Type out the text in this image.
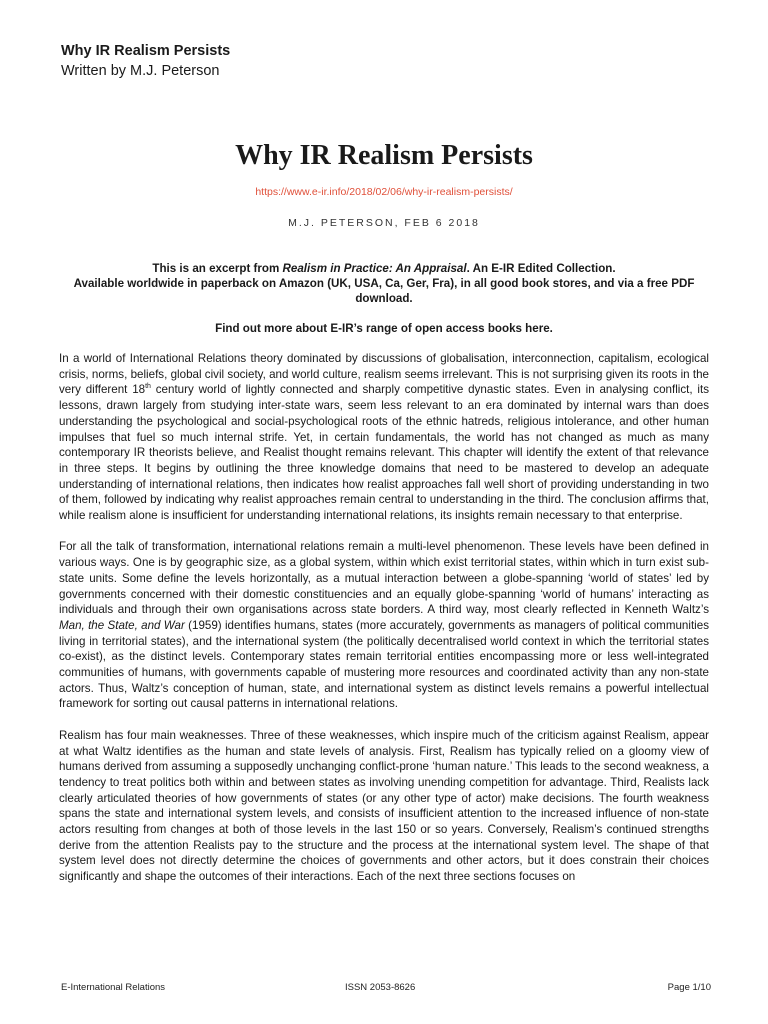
Why IR Realism Persists

Written by M.J. Peterson

Why IR Realism Persists
https://www.e-ir.info/2018/02/06/why-ir-realism-persists/
M.J. PETERSON, FEB 6 2018

This is an excerpt from Realism in Practice: An Appraisal. An E-IR Edited Collection.
Available worldwide in paperback on Amazon (UK, USA, Ca, Ger, Fra), in all good book stores, and via a free PDF download.

Find out more about E-IR’s range of open access books here.

In a world of International Relations theory dominated by discussions of globalisation, interconnection, capitalism, ecological crisis, norms, beliefs, global civil society, and world culture, realism seems irrelevant. This is not surprising given its roots in the very different 18th century world of lightly connected and sharply competitive dynastic states. Even in analysing conflict, its lessons, drawn largely from studying inter-state wars, seem less relevant to an era dominated by internal wars than does understanding the psychological and social-psychological roots of the ethnic hatreds, religious intolerance, and other human impulses that fuel so much internal strife. Yet, in certain fundamentals, the world has not changed as much as many contemporary IR theorists believe, and Realist thought remains relevant. This chapter will identify the extent of that relevance in three steps. It begins by outlining the three knowledge domains that need to be mastered to develop an adequate understanding of international relations, then indicates how realist approaches fall well short of providing understanding in two of them, followed by indicating why realist approaches remain central to understanding in the third. The conclusion affirms that, while realism alone is insufficient for understanding international relations, its insights remain necessary to that enterprise.

For all the talk of transformation, international relations remain a multi-level phenomenon. These levels have been defined in various ways. One is by geographic size, as a global system, within which exist territorial states, within which in turn exist sub-state units. Some define the levels horizontally, as a mutual interaction between a globe-spanning ‘world of states’ led by governments concerned with their domestic constituencies and an equally globe-spanning ‘world of humans’ interacting as individuals and through their own organisations across state borders. A third way, most clearly reflected in Kenneth Waltz’s Man, the State, and War (1959) identifies humans, states (more accurately, governments as managers of political communities living in territorial states), and the international system (the politically decentralised world context in which the territorial states co-exist), as the distinct levels. Contemporary states remain territorial entities encompassing more or less well-integrated communities of humans, with governments capable of mustering more resources and coordinated activity than any non-state actors. Thus, Waltz’s conception of human, state, and international system as distinct levels remains a powerful intellectual framework for sorting out causal patterns in international relations.

Realism has four main weaknesses. Three of these weaknesses, which inspire much of the criticism against Realism, appear at what Waltz identifies as the human and state levels of analysis. First, Realism has typically relied on a gloomy view of humans derived from assuming a supposedly unchanging conflict-prone ‘human nature.’ This leads to the second weakness, a tendency to treat politics both within and between states as involving unending competition for advantage. Third, Realists lack clearly articulated theories of how governments of states (or any other type of actor) make decisions. The fourth weakness spans the state and international system levels, and consists of insufficient attention to the increased influence of non-state actors resulting from changes at both of those levels in the last 150 or so years. Conversely, Realism’s continued strengths derive from the attention Realists pay to the structure and the process at the international system level. The shape of that system level does not directly determine the choices of governments and other actors, but it does constrain their choices significantly and shape the outcomes of their interactions. Each of the next three sections focuses on

E-International Relations	ISSN 2053-8626	Page 1/10
